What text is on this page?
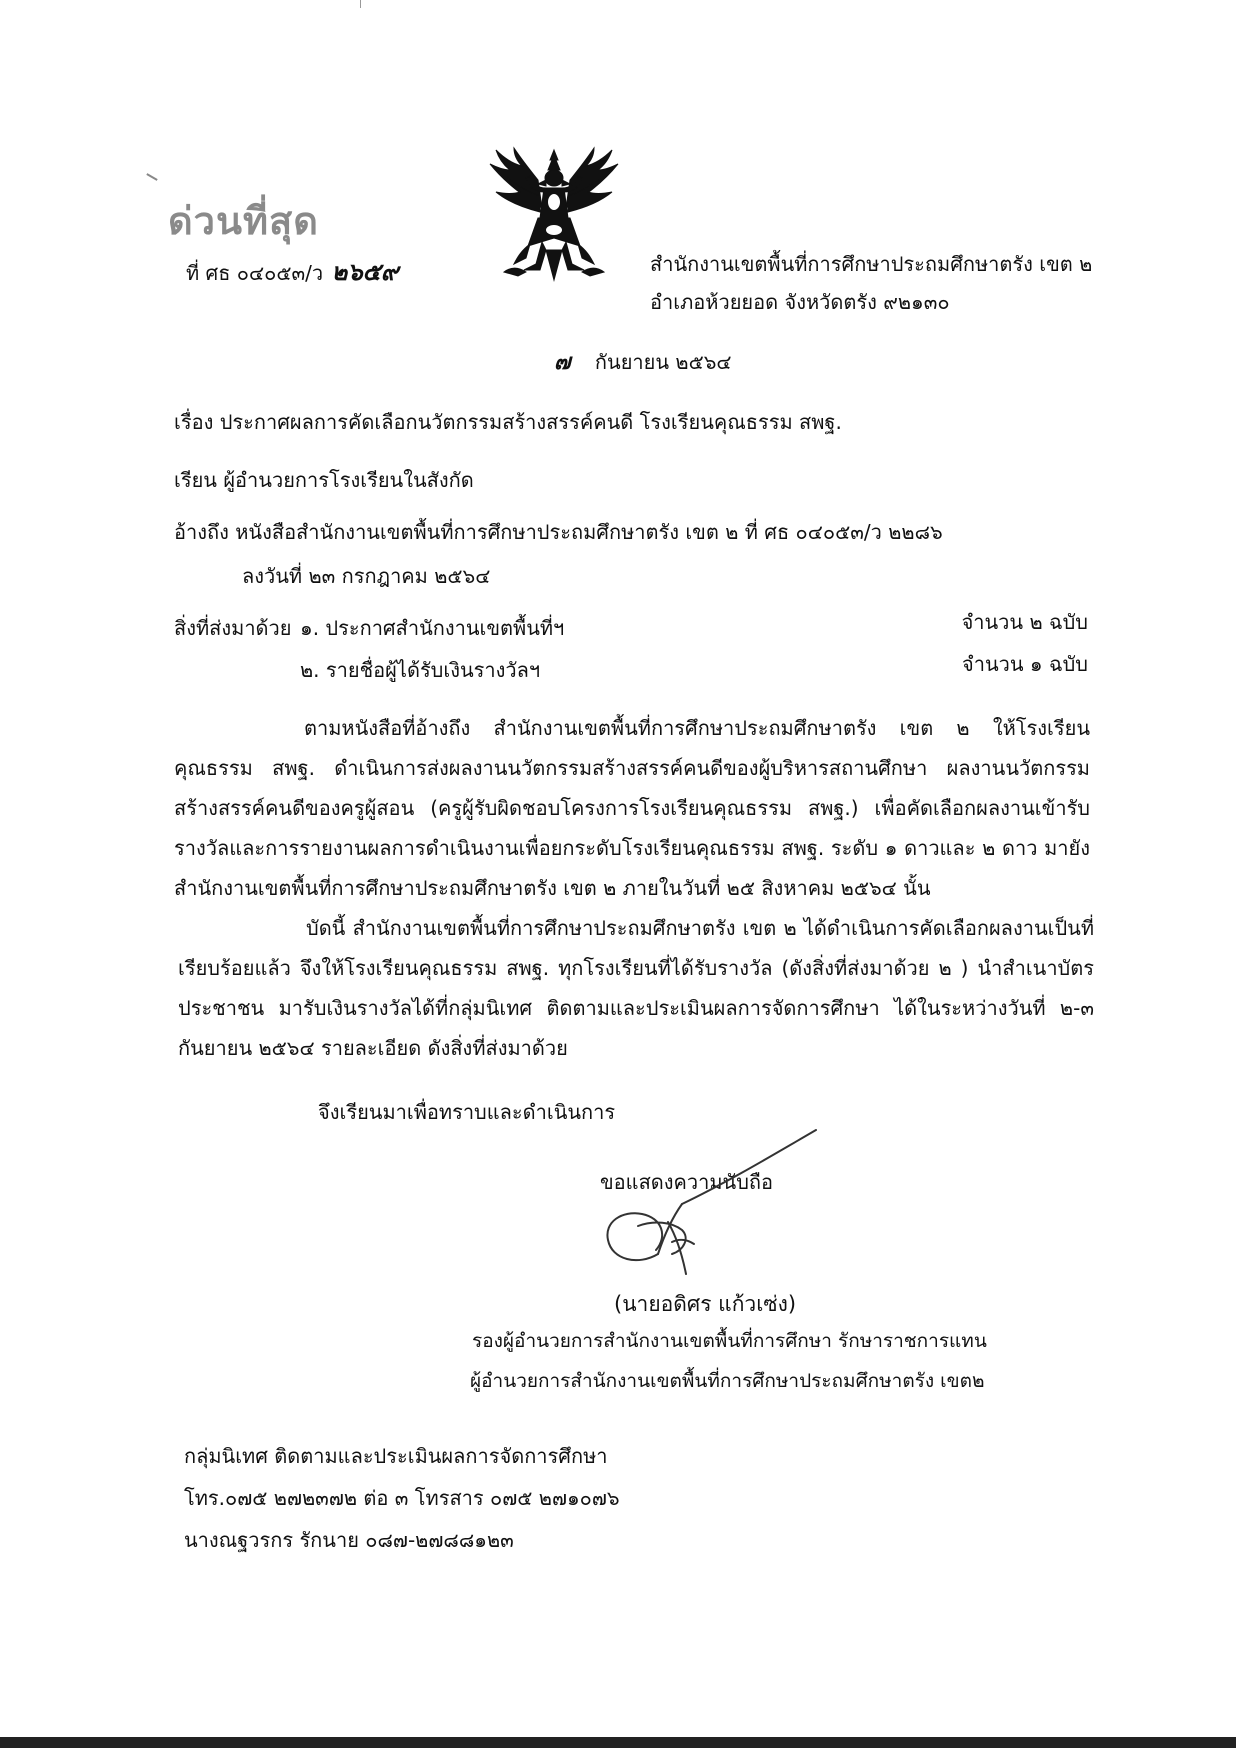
ด่วนที่สุด
ที่ ศธ ๐๔๐๕๓/ว ๒๖๕๙	สำนักงานเขตพื้นที่การศึกษาประถมศึกษาตรัง เขต ๒
อำเภอห้วยยอด จังหวัดตรัง ๙๒๑๓๐
๗ กันยายน ๒๕๖๔
เรื่อง ประกาศผลการคัดเลือกนวัตกรรมสร้างสรรค์คนดี โรงเรียนคุณธรรม สพฐ.
เรียน ผู้อำนวยการโรงเรียนในสังกัด
อ้างถึง หนังสือสำนักงานเขตพื้นที่การศึกษาประถมศึกษาตรัง เขต ๒ ที่ ศธ ๐๔๐๕๓/ว ๒๒๘๖
ลงวันที่ ๒๓ กรกฎาคม ๒๕๖๔
สิ่งที่ส่งมาด้วย ๑. ประกาศสำนักงานเขตพื้นที่ฯ	จำนวน ๒ ฉบับ
๒. รายชื่อผู้ได้รับเงินรางวัลฯ	จำนวน ๑ ฉบับ
ตามหนังสือที่อ้างถึง สำนักงานเขตพื้นที่การศึกษาประถมศึกษาตรัง เขต ๒ ให้โรงเรียนคุณธรรม สพฐ. ดำเนินการส่งผลงานนวัตกรรมสร้างสรรค์คนดีของผู้บริหารสถานศึกษา ผลงานนวัตกรรมสร้างสรรค์คนดีของครูผู้สอน (ครูผู้รับผิดชอบโครงการโรงเรียนคุณธรรม สพฐ.) เพื่อคัดเลือกผลงานเข้ารับรางวัลและการรายงานผลการดำเนินงานเพื่อยกระดับโรงเรียนคุณธรรม สพฐ. ระดับ ๑ ดาวและ ๒ ดาว มายังสำนักงานเขตพื้นที่การศึกษาประถมศึกษาตรัง เขต ๒ ภายในวันที่ ๒๕ สิงหาคม ๒๕๖๔ นั้น
บัดนี้ สำนักงานเขตพื้นที่การศึกษาประถมศึกษาตรัง เขต ๒ ได้ดำเนินการคัดเลือกผลงานเป็นที่เรียบร้อยแล้ว จึงให้โรงเรียนคุณธรรม สพฐ. ทุกโรงเรียนที่ได้รับรางวัล (ดังสิ่งที่ส่งมาด้วย ๒ ) นำสำเนาบัตรประชาชน มารับเงินรางวัลได้ที่กลุ่มนิเทศ ติดตามและประเมินผลการจัดการศึกษา ได้ในระหว่างวันที่ ๒-๓ กันยายน ๒๕๖๔ รายละเอียด ดังสิ่งที่ส่งมาด้วย
จึงเรียนมาเพื่อทราบและดำเนินการ
ขอแสดงความนับถือ
(นายอดิศร แก้วเซ่ง)
รองผู้อำนวยการสำนักงานเขตพื้นที่การศึกษา รักษาราชการแทน
ผู้อำนวยการสำนักงานเขตพื้นที่การศึกษาประถมศึกษาตรัง เขต๒
กลุ่มนิเทศ ติดตามและประเมินผลการจัดการศึกษา
โทร.๐๗๕ ๒๗๒๓๗๒ ต่อ ๓ โทรสาร ๐๗๕ ๒๗๑๐๗๖
นางณฐวรกร รักนาย ๐๘๗-๒๗๘๘๑๒๓
